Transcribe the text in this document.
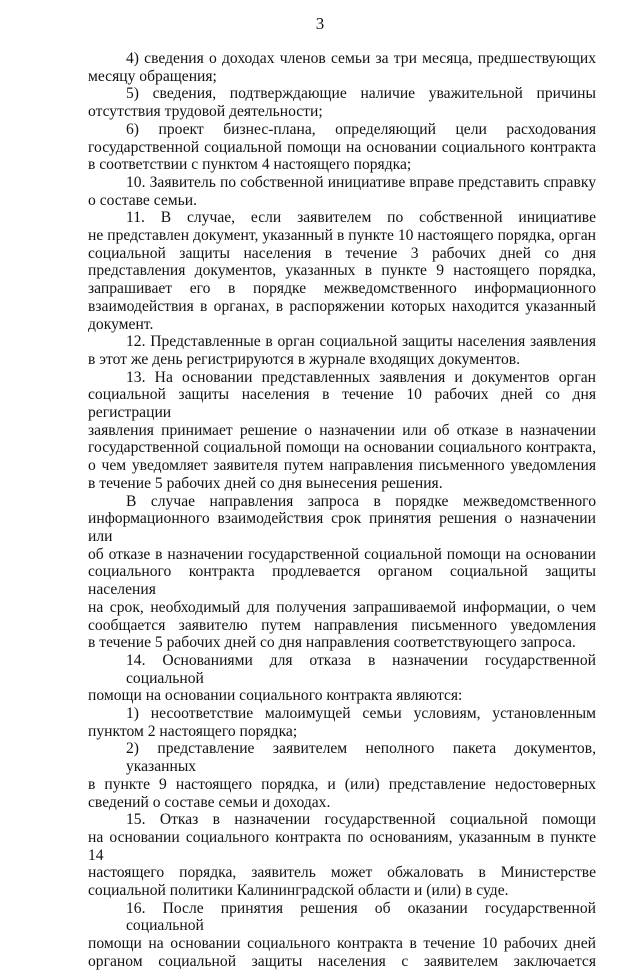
3
4) сведения о доходах членов семьи за три месяца, предшествующих
месяцу обращения;
5) сведения, подтверждающие наличие уважительной причины
отсутствия трудовой деятельности;
6) проект бизнес-плана, определяющий цели расходования
государственной социальной помощи на основании социального контракта
в соответствии с пунктом 4 настоящего порядка;
10. Заявитель по собственной инициативе вправе представить справку
о составе семьи.
11. В случае, если заявителем по собственной инициативе
не представлен документ, указанный в пункте 10 настоящего порядка, орган
социальной защиты населения в течение 3 рабочих дней со дня
представления документов, указанных в пункте 9 настоящего порядка,
запрашивает его в порядке межведомственного информационного
взаимодействия в органах, в распоряжении которых находится указанный
документ.
12. Представленные в орган социальной защиты населения заявления
в этот же день регистрируются в журнале входящих документов.
13. На основании представленных заявления и документов орган
социальной защиты населения в течение 10 рабочих дней со дня регистрации
заявления принимает решение о назначении или об отказе в назначении
государственной социальной помощи на основании социального контракта,
о чем уведомляет заявителя путем направления письменного уведомления
в течение 5 рабочих дней со дня вынесения решения.
В случае направления запроса в порядке межведомственного
информационного взаимодействия срок принятия решения о назначении или
об отказе в назначении государственной социальной помощи на основании
социального контракта продлевается органом социальной защиты населения
на срок, необходимый для получения запрашиваемой информации, о чем
сообщается заявителю путем направления письменного уведомления
в течение 5 рабочих дней со дня направления соответствующего запроса.
14. Основаниями для отказа в назначении государственной социальной
помощи на основании социального контракта являются:
1) несоответствие малоимущей семьи условиям, установленным
пунктом 2 настоящего порядка;
2) представление заявителем неполного пакета документов, указанных
в пункте 9 настоящего порядка, и (или) представление недостоверных
сведений о составе семьи и доходах.
15. Отказ в назначении государственной социальной помощи
на основании социального контракта по основаниям, указанным в пункте 14
настоящего порядка, заявитель может обжаловать в Министерстве
социальной политики Калининградской области и (или) в суде.
16. После принятия решения об оказании государственной социальной
помощи на основании социального контракта в течение 10 рабочих дней
органом социальной защиты населения с заявителем заключается
